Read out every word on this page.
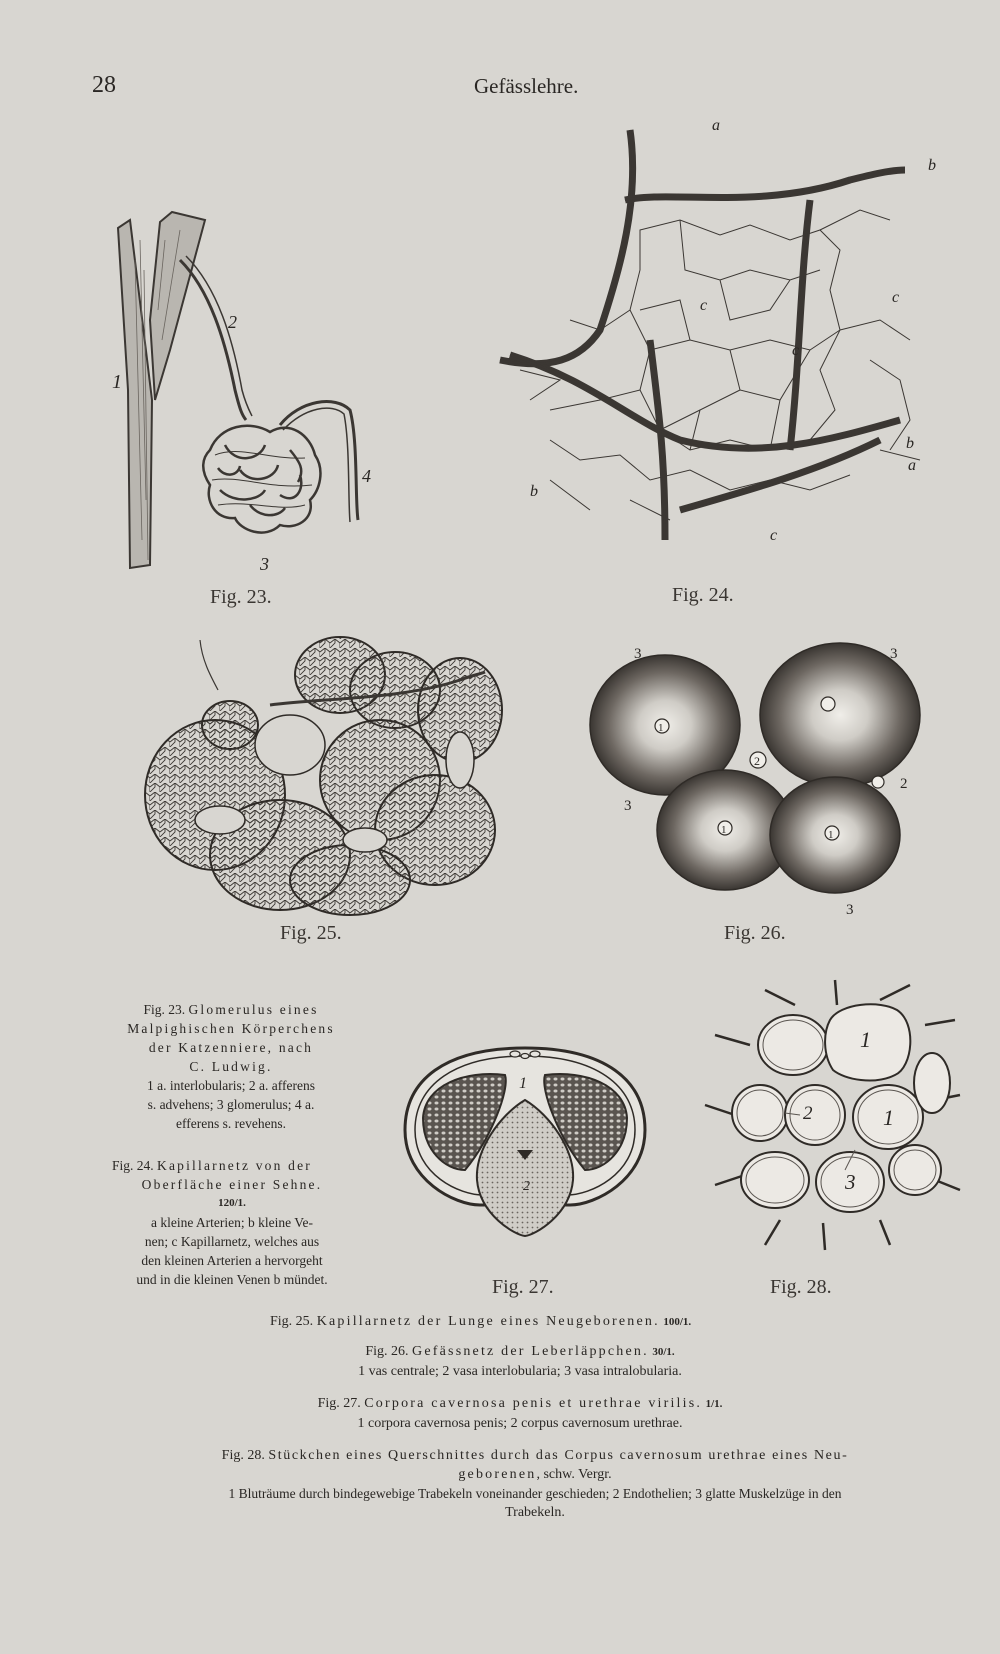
28	Gefässlehre.
1
2
3
4
Fig. 23.
a
b
c
c
c
b
a
b
c
Fig. 24.
Fig. 25.
3	3
1
2
2
3
1	1
3
Fig. 26.
Fig. 23. Glomerulus eines
Malpighischen Körperchens
der Katzenniere, nach
C. Ludwig.
1 a. interlobularis; 2 a. afferens
s. advehens; 3 glomerulus; 4 a.
efferens s. revehens.
Fig. 24. Kapillarnetz von der
Oberfläche einer Sehne.
120/1.
a kleine Arterien; b kleine Ve-
nen; c Kapillarnetz, welches aus
den kleinen Arterien a hervorgeht
und in die kleinen Venen b mündet.
1
2
Fig. 27.
1
2	1
3
Fig. 28.
Fig. 25. Kapillarnetz der Lunge eines Neugeborenen. 100/1.
Fig. 26. Gefässnetz der Leberläppchen. 30/1.
1 vas centrale; 2 vasa interlobularia; 3 vasa intralobularia.
Fig. 27. Corpora cavernosa penis et urethrae virilis. 1/1.
1 corpora cavernosa penis; 2 corpus cavernosum urethrae.
Fig. 28. Stückchen eines Querschnittes durch das Corpus cavernosum urethrae eines Neu-
geborenen, schw. Vergr.
1 Bluträume durch bindegewebige Trabekeln voneinander geschieden; 2 Endothelien; 3 glatte Muskelzüge in den
Trabekeln.
